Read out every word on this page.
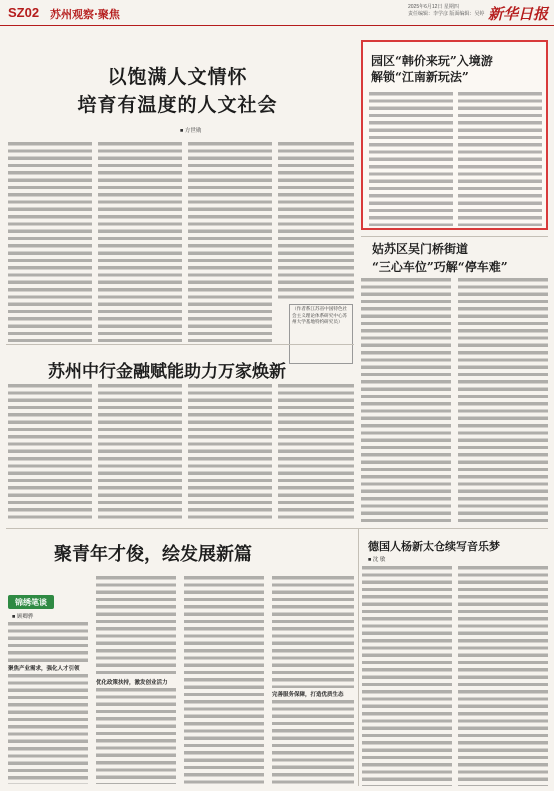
SZ02 苏州观察·聚焦
2025年6月12日 星期四
责任编辑：李学彦 版面编辑：吴婷 新华日报
以饱满人文情怀
培育有温度的人文社会
■ 方世勋
（作者系江苏省中国特色社会主义理论体系研究中心苏州大学基地特约研究员）
园区“韩价来玩”入境游
解锁“江南新玩法”
姑苏区吴门桥街道
“三心车位”巧解“停车难”
苏州中行金融赋能助力万家焕新
聚青年才俊，绘发展新篇
锦绣笔谈
■ 顾卿骅
聚焦产业需求，强化人才引领
优化政策扶持，激发创业活力
完善服务保障，打造优质生态
德国人杨新太仓续写音乐梦
■ 沈 敏
